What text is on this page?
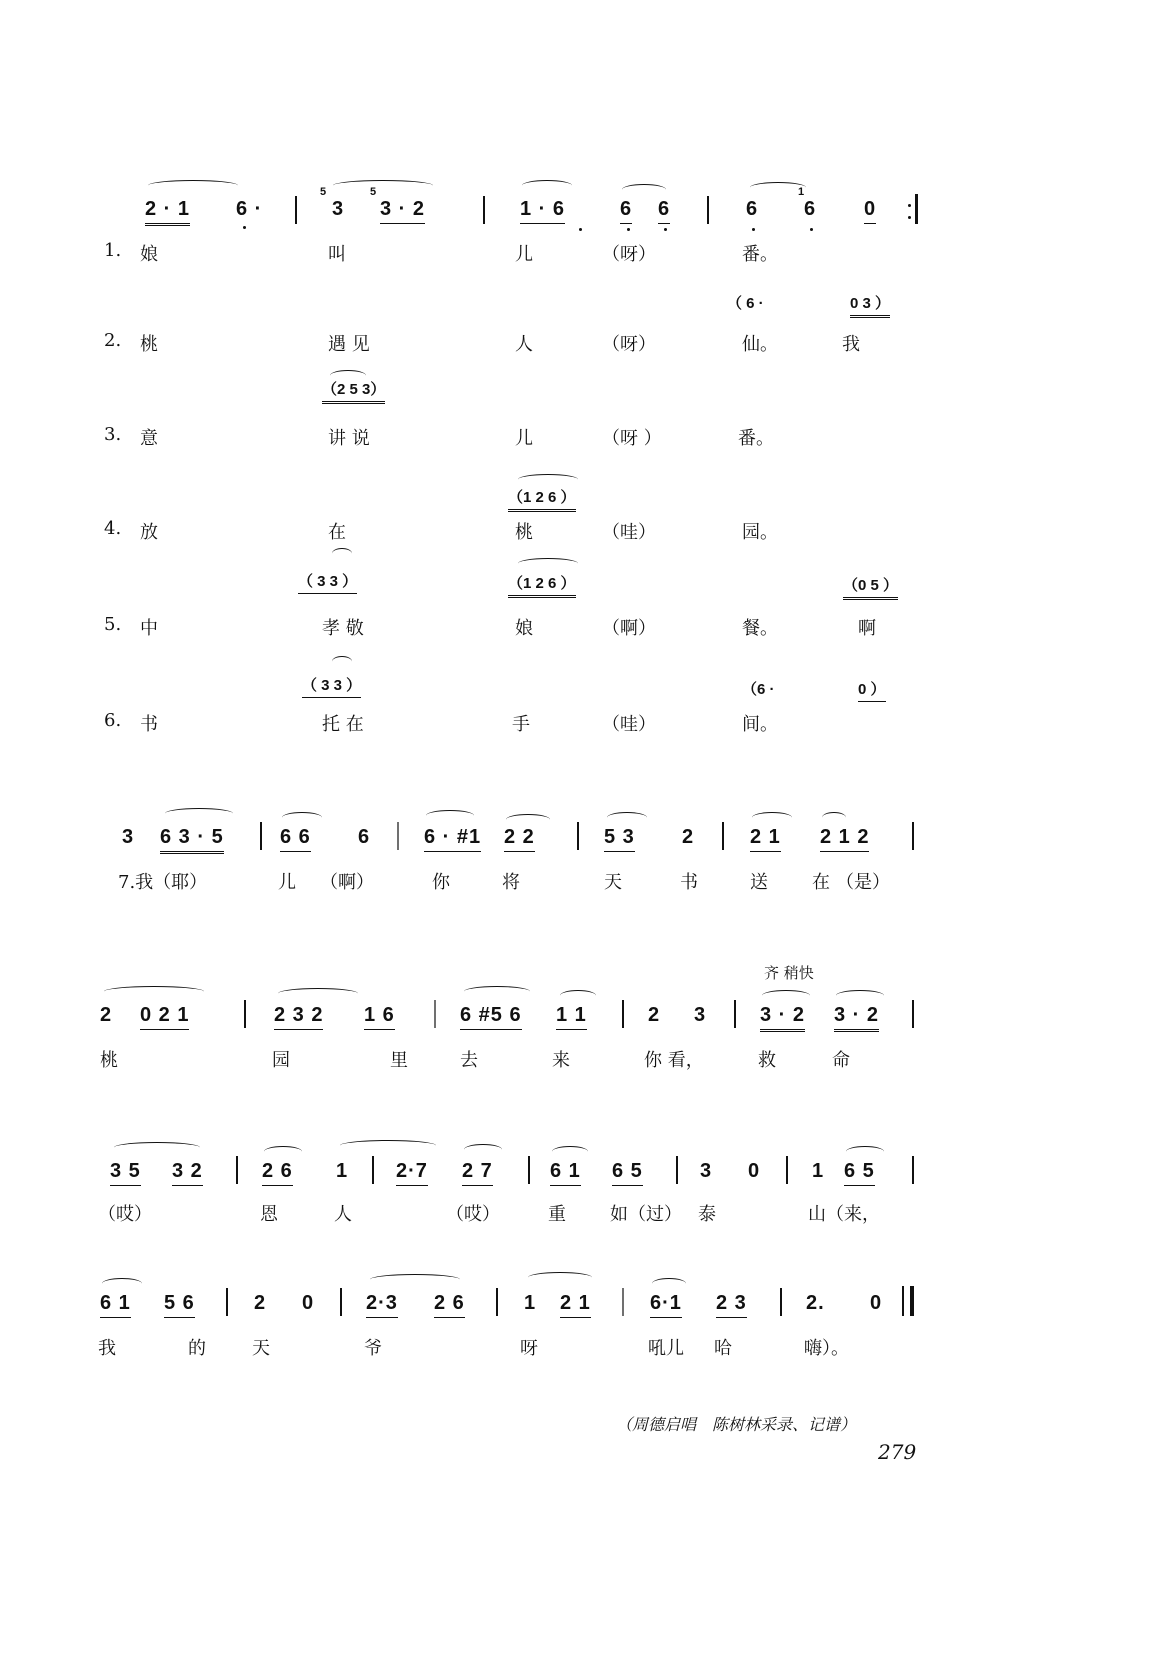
2 · 1 6 ·
5
3
5
3 · 2	1 · 6	6 6	6
1
6 0
1. 娘	叫	儿	（呀）	番。
（ 6 ·	0 3 ）
2. 桃	遇 见	人	（呀）	仙。	我
（2 5 3）
3. 意	讲 说	儿	（呀 ）	番。
（1 2 6 ）
4. 放	在	桃	（哇）	园。
（ 3 3 ）	（1 2 6 ）	（0 5 ）
5. 中	孝 敬	娘	（啊）	餐。	啊
（ 3 3 ）	（6 ·	0 ）
6. 书	托 在	手	（哇）	间。
3 6 3 · 5	6 6 6	6 · #1 2 2	5 3 2	2 1 2 1 2
7.我（耶）	儿 （啊）	你	将	天	书	送 在 （是）
齐 稍快
2 0 2 1	2 3 2 1 6	6 #5 6 1 1	2 3	3 · 2 3 · 2
桃	园	里	去	来	你 看，	救	命
3 5 3 2	2 6 1 2·7 2 7	6 1 6 5	3 0	1 6 5
（哎）	恩	人	（哎）	重 如（过） 泰	山（来，
6 1 5 6	2 0	2·3 2 6	1 2 1	6·1 2 3	2. 0
我	的	天	爷	呀	吼儿 哈	嗨）。
（周德启唱　陈树林采录、记谱）
279
